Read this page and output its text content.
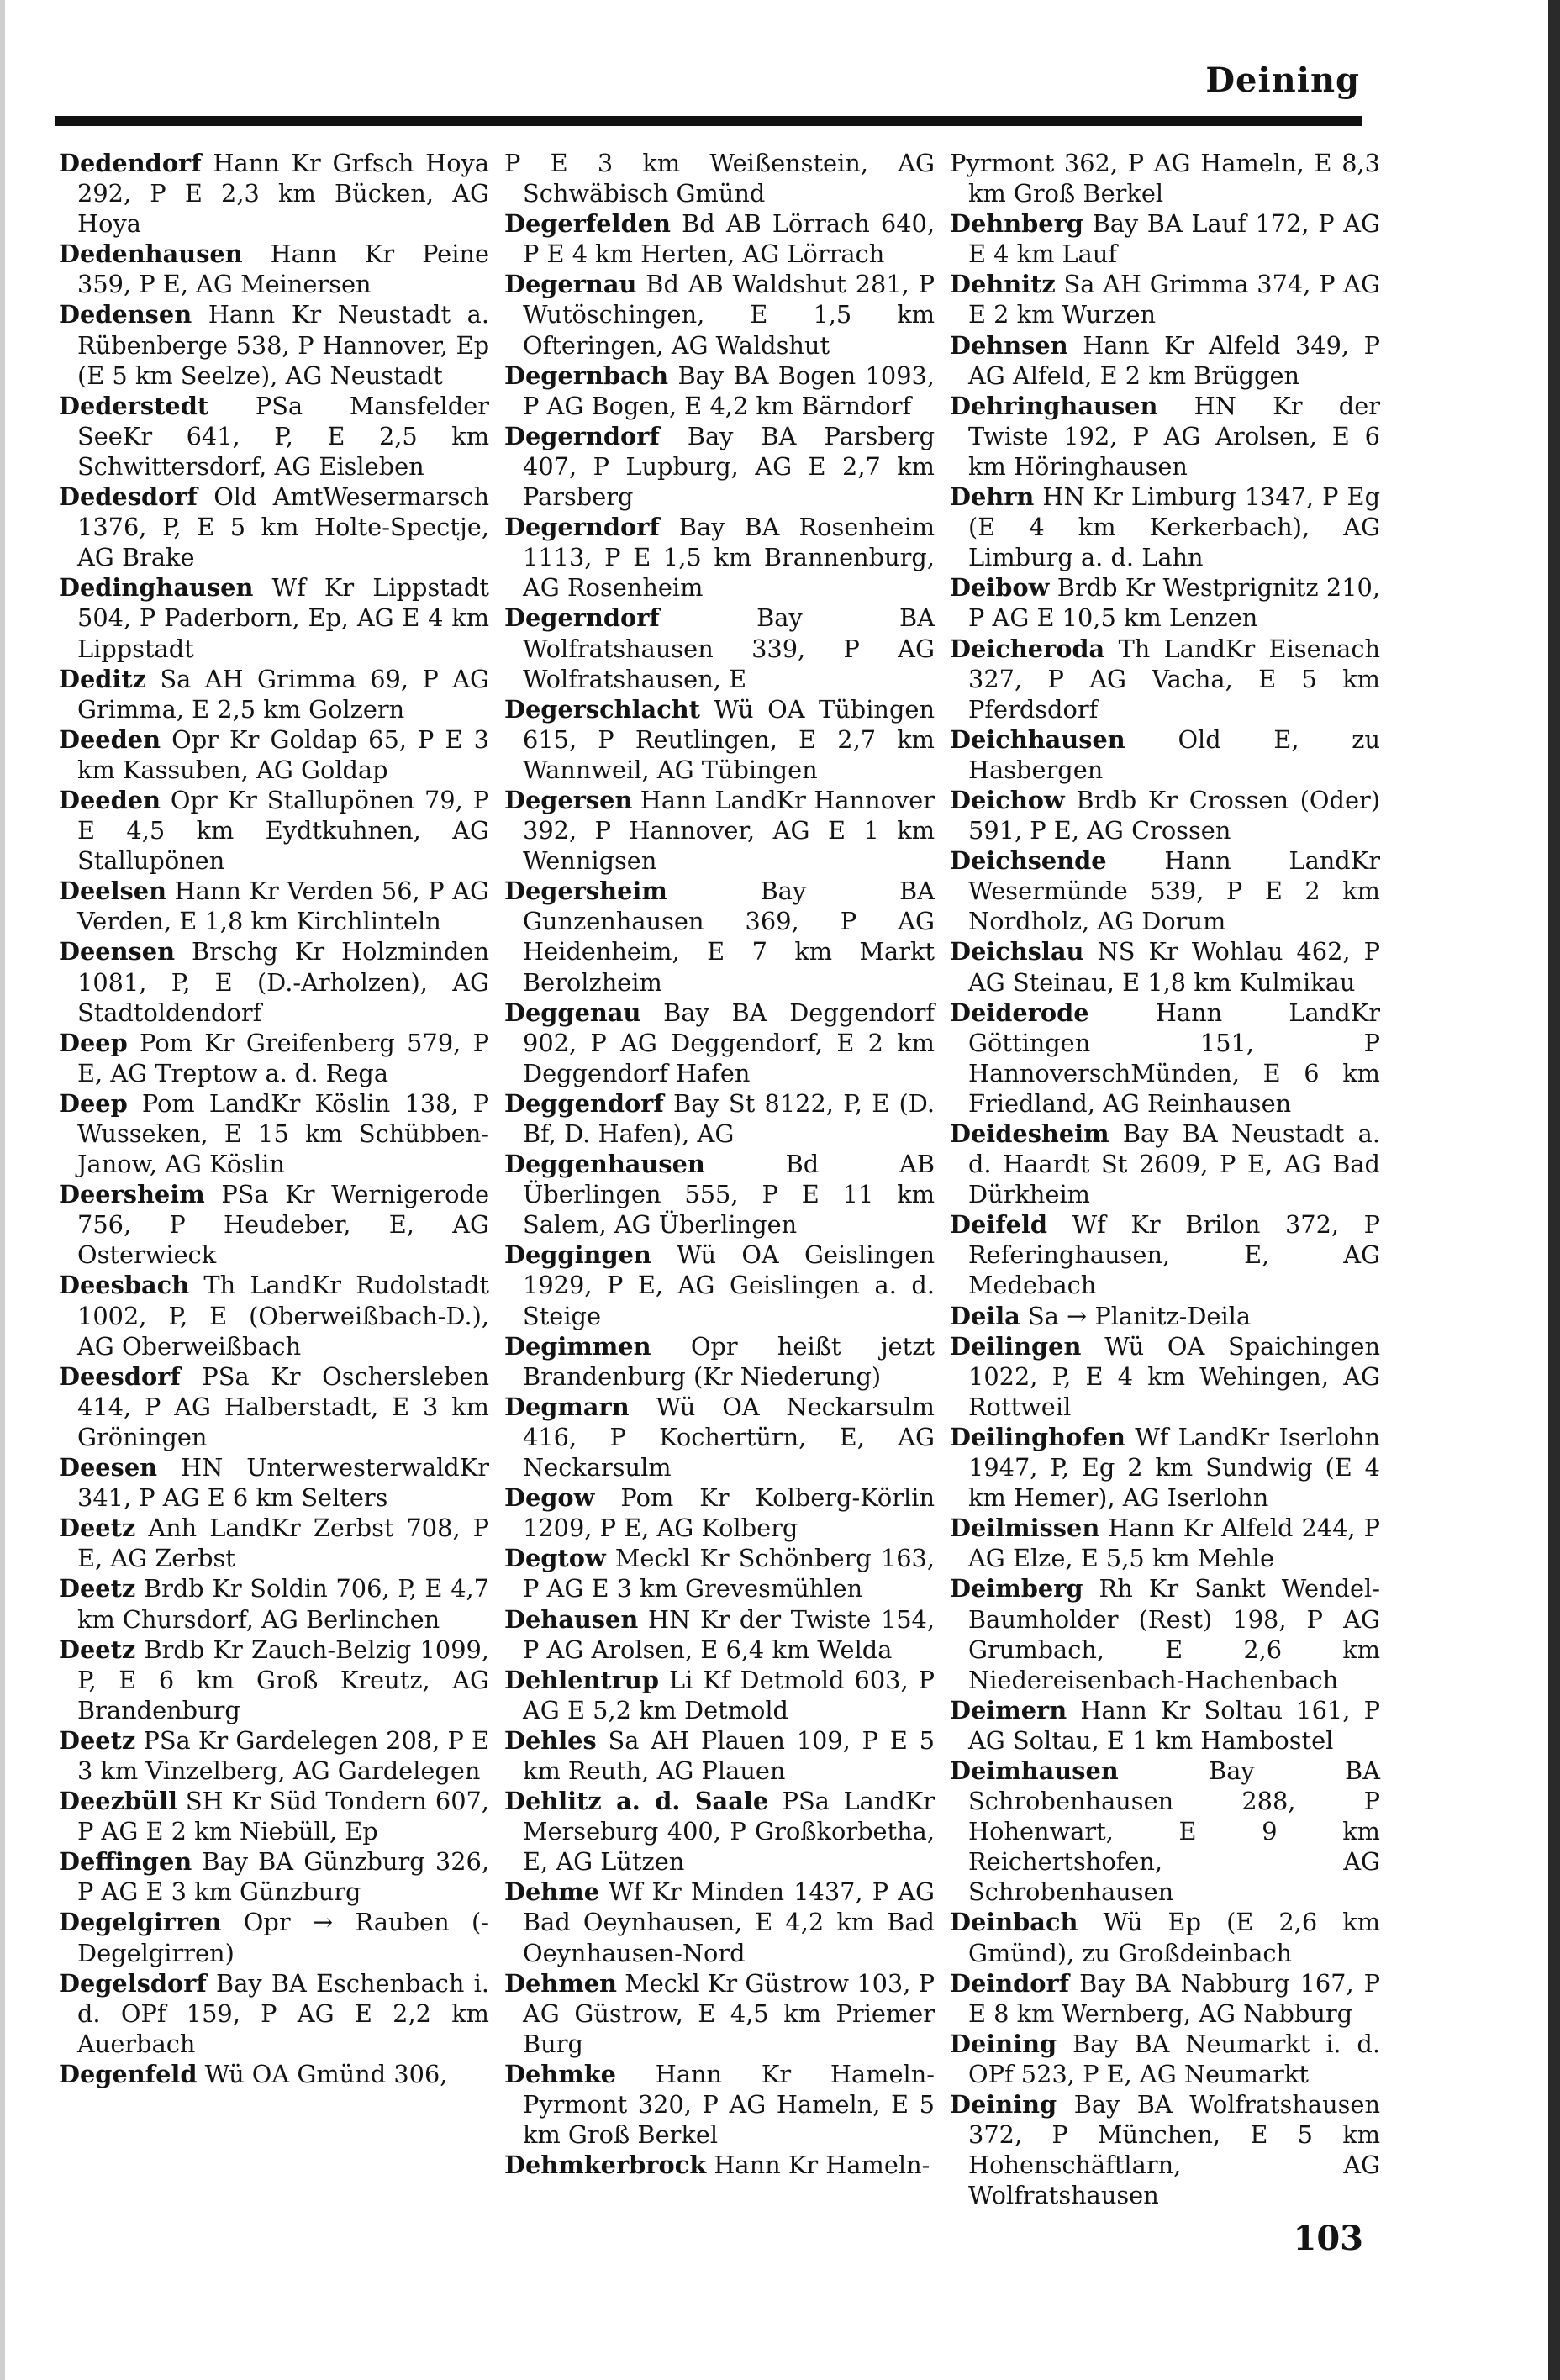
Deining

Dedendorf Hann Kr Grfsch Hoya 292, P E 2,3 km Bücken, AG Hoya

Dedenhausen Hann Kr Peine 359, P E, AG Meinersen

Dedensen Hann Kr Neustadt a. Rübenberge 538, P Hannover, Ep (E 5 km Seelze), AG Neustadt

Dederstedt PSa Mansfelder SeeKr 641, P, E 2,5 km Schwittersdorf, AG Eisleben

Dedesdorf Old AmtWesermarsch 1376, P, E 5 km Holte-Spectje, AG Brake

Dedinghausen Wf Kr Lippstadt 504, P Paderborn, Ep, AG E 4 km Lippstadt

Deditz Sa AH Grimma 69, P AG Grimma, E 2,5 km Golzern

Deeden Opr Kr Goldap 65, P E 3 km Kassuben, AG Goldap

Deeden Opr Kr Stallupönen 79, P E 4,5 km Eydtkuhnen, AG Stallupönen

Deelsen Hann Kr Verden 56, P AG Verden, E 1,8 km Kirchlinteln

Deensen Brschg Kr Holzminden 1081, P, E (D.-Arholzen), AG Stadtoldendorf

Deep Pom Kr Greifenberg 579, P E, AG Treptow a. d. Rega

Deep Pom LandKr Köslin 138, P Wusseken, E 15 km Schübben-Janow, AG Köslin

Deersheim PSa Kr Wernigerode 756, P Heudeber, E, AG Osterwieck

Deesbach Th LandKr Rudolstadt 1002, P, E (Oberweißbach-D.), AG Oberweißbach

Deesdorf PSa Kr Oschersleben 414, P AG Halberstadt, E 3 km Gröningen

Deesen HN UnterwesterwaldKr 341, P AG E 6 km Selters

Deetz Anh LandKr Zerbst 708, P E, AG Zerbst

Deetz Brdb Kr Soldin 706, P, E 4,7 km Chursdorf, AG Berlinchen

Deetz Brdb Kr Zauch-Belzig 1099, P, E 6 km Groß Kreutz, AG Brandenburg

Deetz PSa Kr Gardelegen 208, P E 3 km Vinzelberg, AG Gardelegen

Deezbüll SH Kr Süd Tondern 607, P AG E 2 km Niebüll, Ep

Deffingen Bay BA Günzburg 326, P AG E 3 km Günzburg

Degelgirren Opr → Rauben (-Degelgirren)

Degelsdorf Bay BA Eschenbach i. d. OPf 159, P AG E 2,2 km Auerbach

Degenfeld Wü OA Gmünd 306,

P E 3 km Weißenstein, AG Schwäbisch Gmünd

Degerfelden Bd AB Lörrach 640, P E 4 km Herten, AG Lörrach

Degernau Bd AB Waldshut 281, P Wutöschingen, E 1,5 km Ofteringen, AG Waldshut

Degernbach Bay BA Bogen 1093, P AG Bogen, E 4,2 km Bärndorf

Degerndorf Bay BA Parsberg 407, P Lupburg, AG E 2,7 km Parsberg

Degerndorf Bay BA Rosenheim 1113, P E 1,5 km Brannenburg, AG Rosenheim

Degerndorf	Bay BA Wolfratshausen 339, P AG Wolfratshausen, E

Degerschlacht Wü OA Tübingen 615, P Reutlingen, E 2,7 km Wannweil, AG Tübingen

Degersen Hann LandKr Hannover 392, P Hannover, AG E 1 km Wennigsen

Degersheim	Bay BA Gunzenhausen 369, P AG Heidenheim, E 7 km Markt Berolzheim

Deggenau Bay BA Deggendorf 902, P AG Deggendorf, E 2 km Deggendorf Hafen

Deggendorf Bay St 8122, P, E (D. Bf, D. Hafen), AG

Deggenhausen	Bd AB Überlingen 555, P E 11 km Salem, AG Überlingen

Deggingen Wü OA Geislingen 1929, P E, AG Geislingen a. d. Steige

Degimmen Opr heißt jetzt Brandenburg (Kr Niederung)

Degmarn Wü OA Neckarsulm 416, P Kochertürn, E, AG Neckarsulm

Degow Pom Kr Kolberg-Körlin 1209, P E, AG Kolberg

Degtow Meckl Kr Schönberg 163, P AG E 3 km Grevesmühlen

Dehausen HN Kr der Twiste 154, P AG Arolsen, E 6,4 km Welda

Dehlentrup Li Kf Detmold 603, P AG E 5,2 km Detmold

Dehles Sa AH Plauen 109, P E 5 km Reuth, AG Plauen

Dehlitz a. d. Saale PSa LandKr Merseburg 400, P Großkorbetha, E, AG Lützen

Dehme Wf Kr Minden 1437, P AG Bad Oeynhausen, E 4,2 km Bad Oeynhausen-Nord

Dehmen Meckl Kr Güstrow 103, P AG Güstrow, E 4,5 km Priemer Burg

Dehmke Hann Kr Hameln-Pyrmont 320, P AG Hameln, E 5 km Groß Berkel

Dehmkerbrock Hann Kr Hameln-

Pyrmont 362, P AG Hameln, E 8,3 km Groß Berkel

Dehnberg Bay BA Lauf 172, P AG E 4 km Lauf

Dehnitz Sa AH Grimma 374, P AG E 2 km Wurzen

Dehnsen Hann Kr Alfeld 349, P AG Alfeld, E 2 km Brüggen

Dehringhausen HN Kr der Twiste 192, P AG Arolsen, E 6 km Höringhausen

Dehrn HN Kr Limburg 1347, P Eg (E 4 km Kerkerbach), AG Limburg a. d. Lahn

Deibow Brdb Kr Westprignitz 210, P AG E 10,5 km Lenzen

Deicheroda Th LandKr Eisenach 327, P AG Vacha, E 5 km Pferdsdorf

Deichhausen Old E, zu Hasbergen

Deichow Brdb Kr Crossen (Oder) 591, P E, AG Crossen

Deichsende Hann LandKr Wesermünde 539, P E 2 km Nordholz, AG Dorum

Deichslau NS Kr Wohlau 462, P AG Steinau, E 1,8 km Kulmikau

Deiderode	Hann LandKr Göttingen 151, P HannoverschMünden, E 6 km Friedland, AG Reinhausen

Deidesheim Bay BA Neustadt a. d. Haardt St 2609, P E, AG Bad Dürkheim

Deifeld Wf Kr Brilon 372, P Referinghausen, E, AG Medebach

Deila Sa → Planitz-Deila

Deilingen Wü OA Spaichingen 1022, P, E 4 km Wehingen, AG Rottweil

Deilinghofen Wf LandKr Iserlohn 1947, P, Eg 2 km Sundwig (E 4 km Hemer), AG Iserlohn

Deilmissen Hann Kr Alfeld 244, P AG Elze, E 5,5 km Mehle

Deimberg Rh Kr Sankt Wendel-Baumholder (Rest) 198, P AG Grumbach, E 2,6 km Niedereisenbach-Hachenbach

Deimern Hann Kr Soltau 161, P AG Soltau, E 1 km Hambostel

Deimhausen	Bay BA Schrobenhausen 288, P Hohenwart, E 9 km Reichertshofen, AG Schrobenhausen

Deinbach Wü Ep (E 2,6 km Gmünd), zu Großdeinbach

Deindorf Bay BA Nabburg 167, P E 8 km Wernberg, AG Nabburg

Deining Bay BA Neumarkt i. d. OPf 523, P E, AG Neumarkt

Deining Bay BA Wolfratshausen 372, P München, E 5 km Hohenschäftlarn, AG Wolfratshausen

103
